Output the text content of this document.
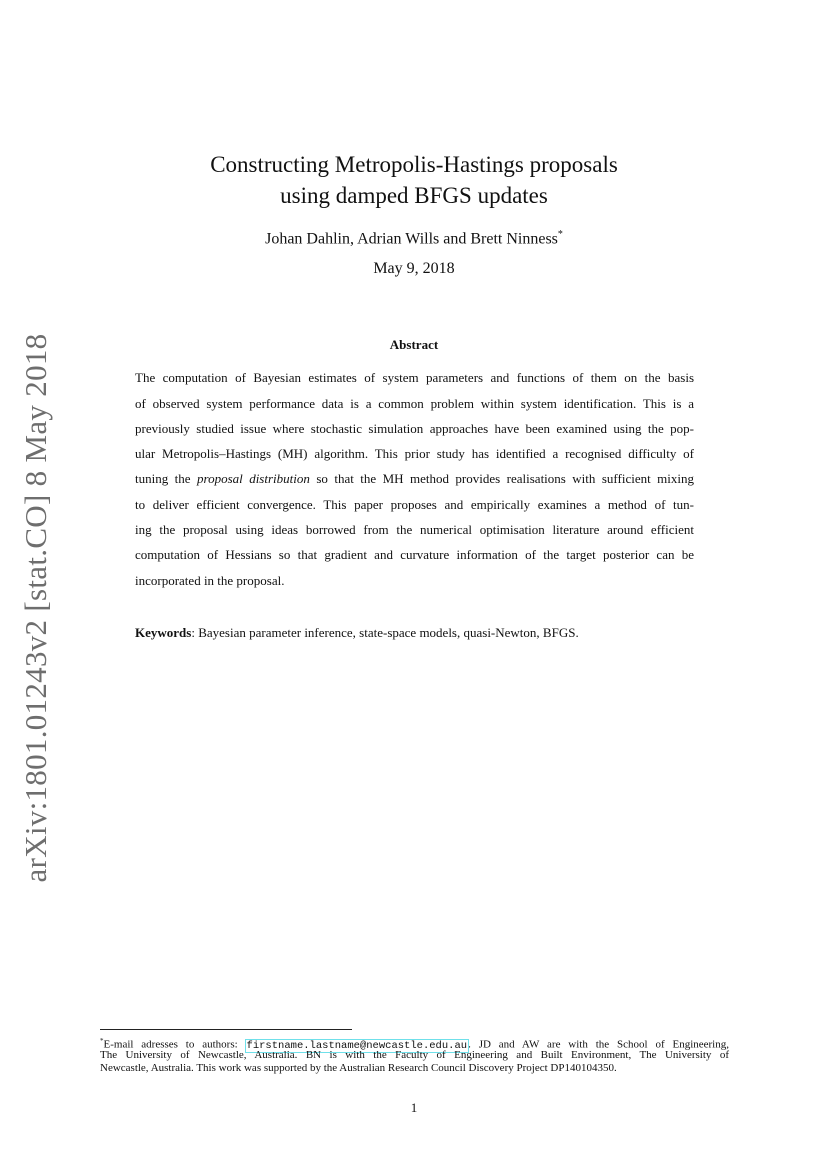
arXiv:1801.01243v2 [stat.CO] 8 May 2018
Constructing Metropolis-Hastings proposals
using damped BFGS updates
Johan Dahlin, Adrian Wills and Brett Ninness*
May 9, 2018
Abstract
The computation of Bayesian estimates of system parameters and functions of them on the basis
of observed system performance data is a common problem within system identification. This is a
previously studied issue where stochastic simulation approaches have been examined using the pop-
ular Metropolis–Hastings (MH) algorithm. This prior study has identified a recognised difficulty of
tuning the proposal distribution so that the MH method provides realisations with sufficient mixing
to deliver efficient convergence. This paper proposes and empirically examines a method of tun-
ing the proposal using ideas borrowed from the numerical optimisation literature around efficient
computation of Hessians so that gradient and curvature information of the target posterior can be
incorporated in the proposal.
Keywords: Bayesian parameter inference, state-space models, quasi-Newton, BFGS.
*E-mail adresses to authors: firstname.lastname@newcastle.edu.au. JD and AW are with the School of Engineering,
The University of Newcastle, Australia. BN is with the Faculty of Engineering and Built Environment, The University of
Newcastle, Australia. This work was supported by the Australian Research Council Discovery Project DP140104350.
1
